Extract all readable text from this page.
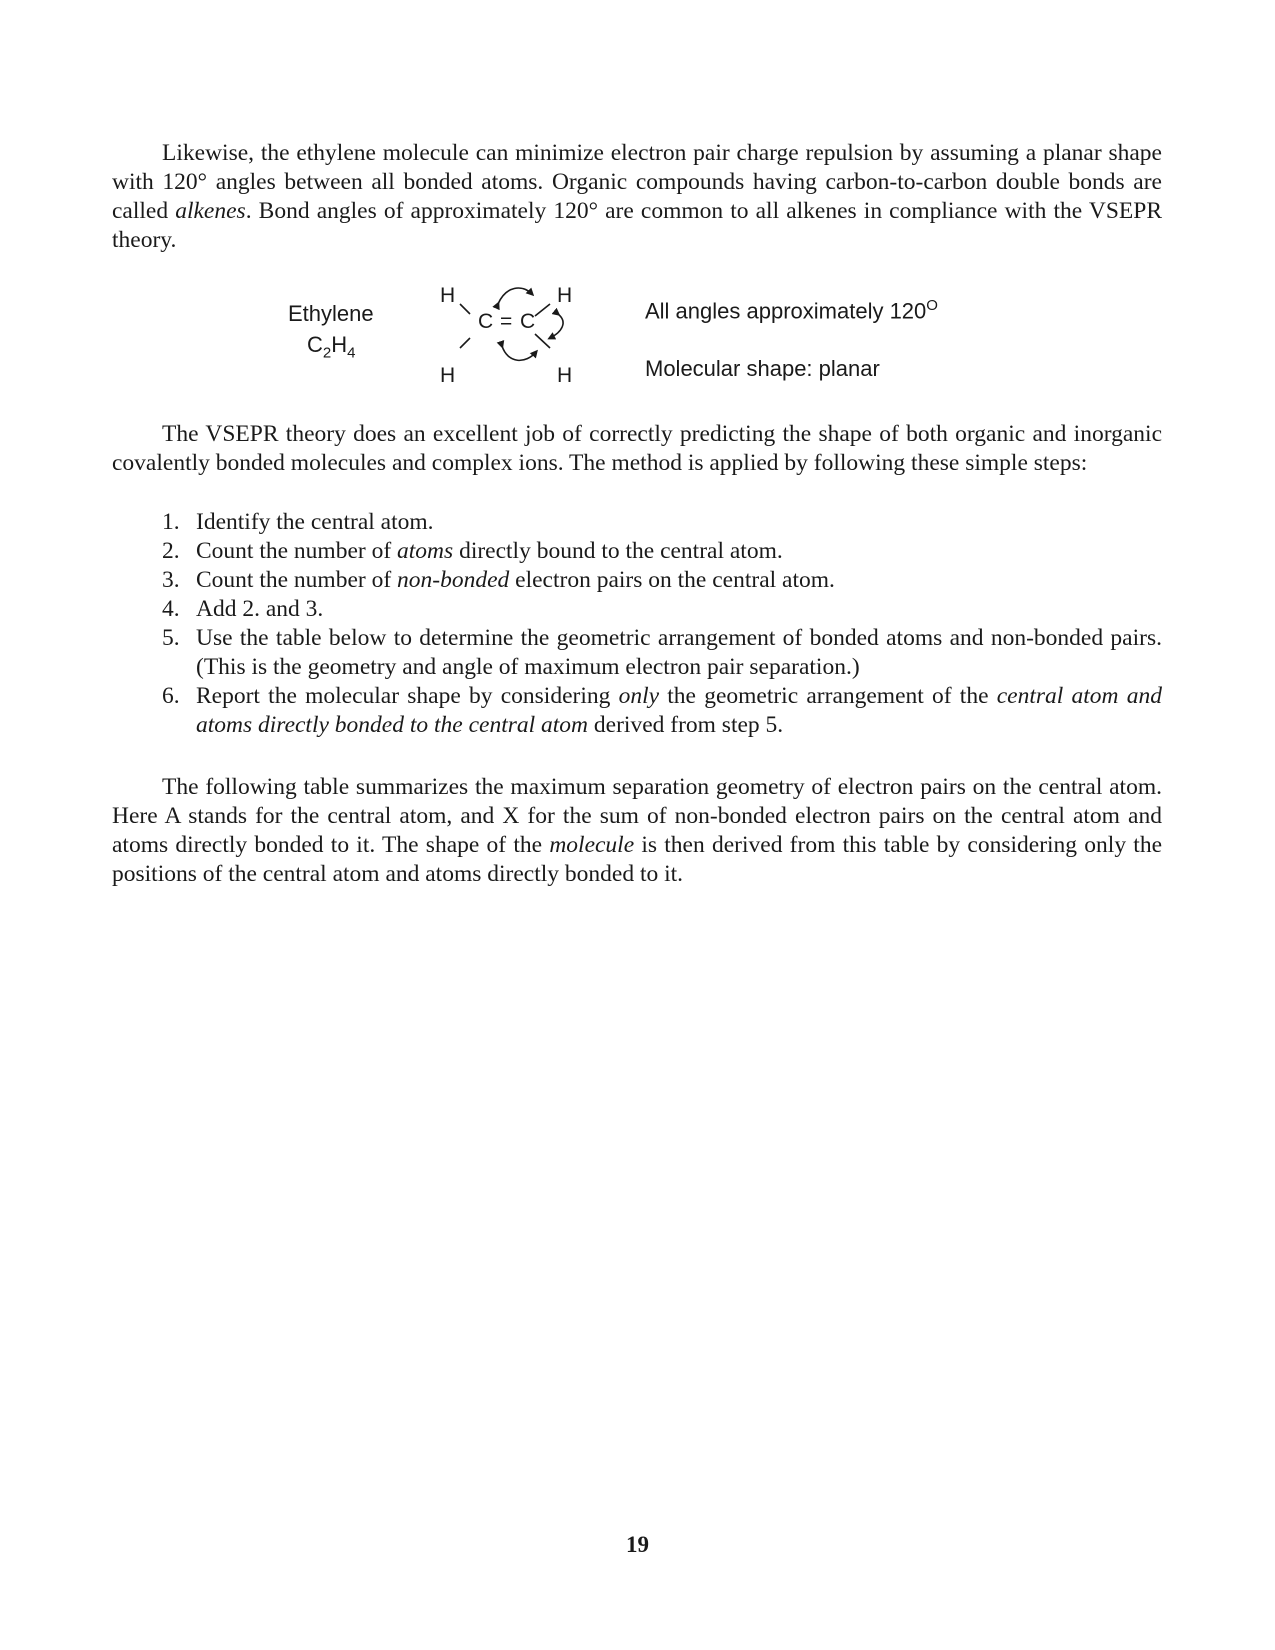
Likewise, the ethylene molecule can minimize electron pair charge repulsion by assuming a planar shape with 120° angles between all bonded atoms. Organic compounds having carbon-to-carbon double bonds are called alkenes. Bond angles of approximately 120° are common to all alkenes in compliance with the VSEPR theory.

Ethylene
$C_2H_4$
H
H
H
H
C = C	All angles approximately $120^O$
Molecular shape: planar

The VSEPR theory does an excellent job of correctly predicting the shape of both organic and inorganic covalently bonded molecules and complex ions. The method is applied by following these simple steps:

1. Identify the central atom.
2. Count the number of atoms directly bound to the central atom.
3. Count the number of non-bonded electron pairs on the central atom.
4. Add 2. and 3.
5. Use the table below to determine the geometric arrangement of bonded atoms and non-bonded pairs. (This is the geometry and angle of maximum electron pair separation.)
6. Report the molecular shape by considering only the geometric arrangement of the central atom and atoms directly bonded to the central atom derived from step 5.

The following table summarizes the maximum separation geometry of electron pairs on the central atom. Here A stands for the central atom, and X for the sum of non-bonded electron pairs on the central atom and atoms directly bonded to it. The shape of the molecule is then derived from this table by considering only the positions of the central atom and atoms directly bonded to it.

19
